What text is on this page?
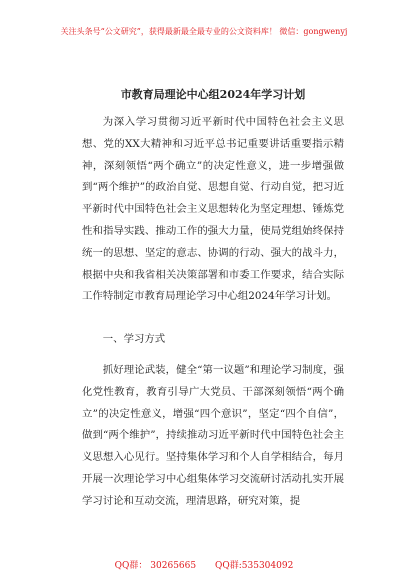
关注头条号“公文研究”，获得最新最全最专业的公文资料库！ 微信：gongwenyj
市教育局理论中心组2024年学习计划

为深入学习贯彻习近平新时代中国特色社会主义思想、党的XX大精神和习近平总书记重要讲话重要指示精神，深刻领悟“两个确立”的决定性意义，进一步增强做到“两个维护”的政治自觉、思想自觉、行动自觉，把习近平新时代中国特色社会主义思想转化为坚定理想、锤炼党性和指导实践、推动工作的强大力量，使局党组始终保持统一的思想、坚定的意志、协调的行动、强大的战斗力，根据中央和我省相关决策部署和市委工作要求，结合实际工作特制定市教育局理论学习中心组2024年学习计划。

一、学习方式

抓好理论武装，健全“第一议题”和理论学习制度，强化党性教育，教育引导广大党员、干部深刻领悟“两个确立”的决定性意义，增强“四个意识”，坚定“四个自信”，做到“两个维护”，持续推动习近平新时代中国特色社会主义思想入心见行。坚持集体学习和个人自学相结合，每月开展一次理论学习中心组集体学习交流研讨活动扎实开展学习讨论和互动交流，理清思路，研究对策，提

QQ群： 30265665 QQ群:535304092
